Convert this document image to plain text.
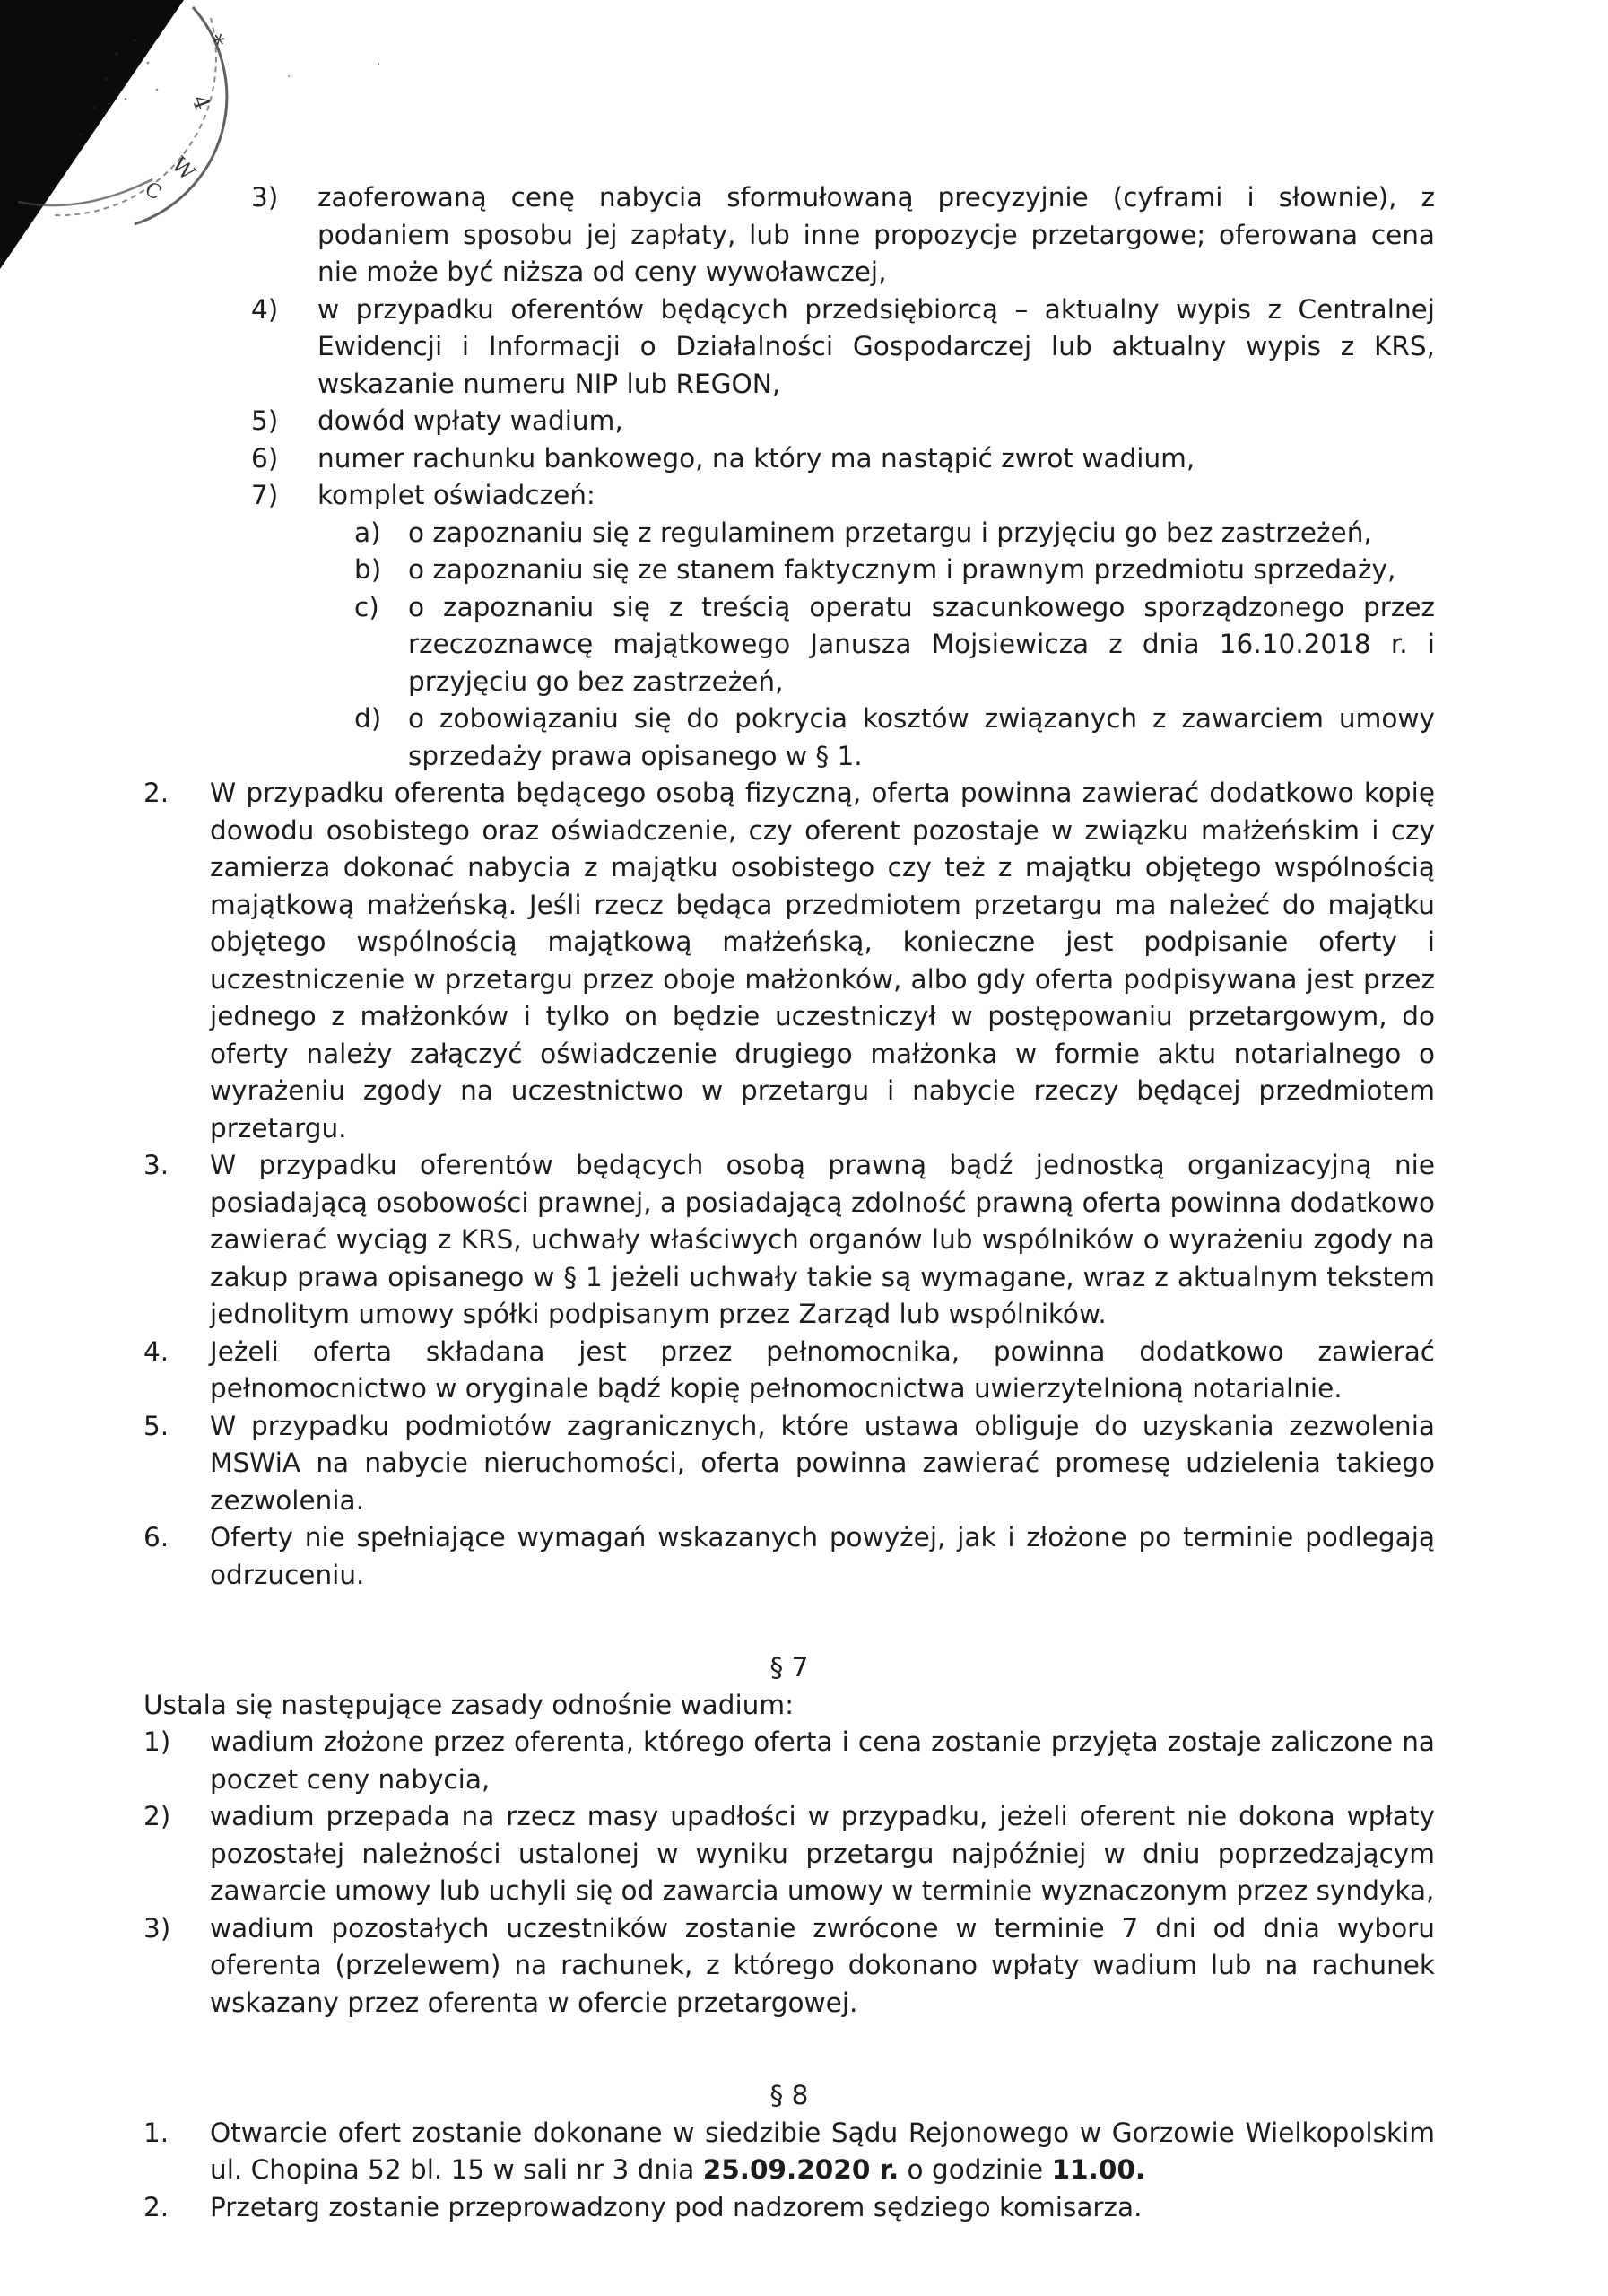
*
4
W
C
·
·
3)	zaoferowaną cenę nabycia sformułowaną precyzyjnie (cyframi i słownie), z podaniem sposobu jej zapłaty, lub inne propozycje przetargowe; oferowana cena nie może być niższa od ceny wywoławczej,
4)	w przypadku oferentów będących przedsiębiorcą – aktualny wypis z Centralnej Ewidencji i Informacji o Działalności Gospodarczej lub aktualny wypis z KRS, wskazanie numeru NIP lub REGON,
5)	dowód wpłaty wadium,
6)	numer rachunku bankowego, na który ma nastąpić zwrot wadium,
7)	komplet oświadczeń:
a)	o zapoznaniu się z regulaminem przetargu i przyjęciu go bez zastrzeżeń,
b)	o zapoznaniu się ze stanem faktycznym i prawnym przedmiotu sprzedaży,
c)	o zapoznaniu się z treścią operatu szacunkowego sporządzonego przez rzeczoznawcę majątkowego Janusza Mojsiewicza z dnia 16.10.2018 r. i przyjęciu go bez zastrzeżeń,
d)	o zobowiązaniu się do pokrycia kosztów związanych z zawarciem umowy sprzedaży prawa opisanego w § 1.
2.	W przypadku oferenta będącego osobą fizyczną, oferta powinna zawierać dodatkowo kopię dowodu osobistego oraz oświadczenie, czy oferent pozostaje w związku małżeńskim i czy zamierza dokonać nabycia z majątku osobistego czy też z majątku objętego wspólnością majątkową małżeńską. Jeśli rzecz będąca przedmiotem przetargu ma należeć do majątku objętego wspólnością majątkową małżeńską, konieczne jest podpisanie oferty i uczestniczenie w przetargu przez oboje małżonków, albo gdy oferta podpisywana jest przez jednego z małżonków i tylko on będzie uczestniczył w postępowaniu przetargowym, do oferty należy załączyć oświadczenie drugiego małżonka w formie aktu notarialnego o wyrażeniu zgody na uczestnictwo w przetargu i nabycie rzeczy będącej przedmiotem przetargu.
3.	W przypadku oferentów będących osobą prawną bądź jednostką organizacyjną nie posiadającą osobowości prawnej, a posiadającą zdolność prawną oferta powinna dodatkowo zawierać wyciąg z KRS, uchwały właściwych organów lub wspólników o wyrażeniu zgody na zakup prawa opisanego w § 1 jeżeli uchwały takie są wymagane, wraz z aktualnym tekstem jednolitym umowy spółki podpisanym przez Zarząd lub wspólników.
4.	Jeżeli oferta składana jest przez pełnomocnika, powinna dodatkowo zawierać pełnomocnictwo w oryginale bądź kopię pełnomocnictwa uwierzytelnioną notarialnie.
5.	W przypadku podmiotów zagranicznych, które ustawa obliguje do uzyskania zezwolenia MSWiA na nabycie nieruchomości, oferta powinna zawierać promesę udzielenia takiego zezwolenia.
6.	Oferty nie spełniające wymagań wskazanych powyżej, jak i złożone po terminie podlegają odrzuceniu.
§ 7

Ustala się następujące zasady odnośnie wadium:

1)	wadium złożone przez oferenta, którego oferta i cena zostanie przyjęta zostaje zaliczone na poczet ceny nabycia,
2)	wadium przepada na rzecz masy upadłości w przypadku, jeżeli oferent nie dokona wpłaty pozostałej należności ustalonej w wyniku przetargu najpóźniej w dniu poprzedzającym zawarcie umowy lub uchyli się od zawarcia umowy w terminie wyznaczonym przez syndyka,
3)	wadium pozostałych uczestników zostanie zwrócone w terminie 7 dni od dnia wyboru oferenta (przelewem) na rachunek, z którego dokonano wpłaty wadium lub na rachunek wskazany przez oferenta w ofercie przetargowej.
§ 8
1.	Otwarcie ofert zostanie dokonane w siedzibie Sądu Rejonowego w Gorzowie Wielkopolskim ul. Chopina 52 bl. 15 w sali nr 3 dnia 25.09.2020 r. o godzinie 11.00.
2.	Przetarg zostanie przeprowadzony pod nadzorem sędziego komisarza.
